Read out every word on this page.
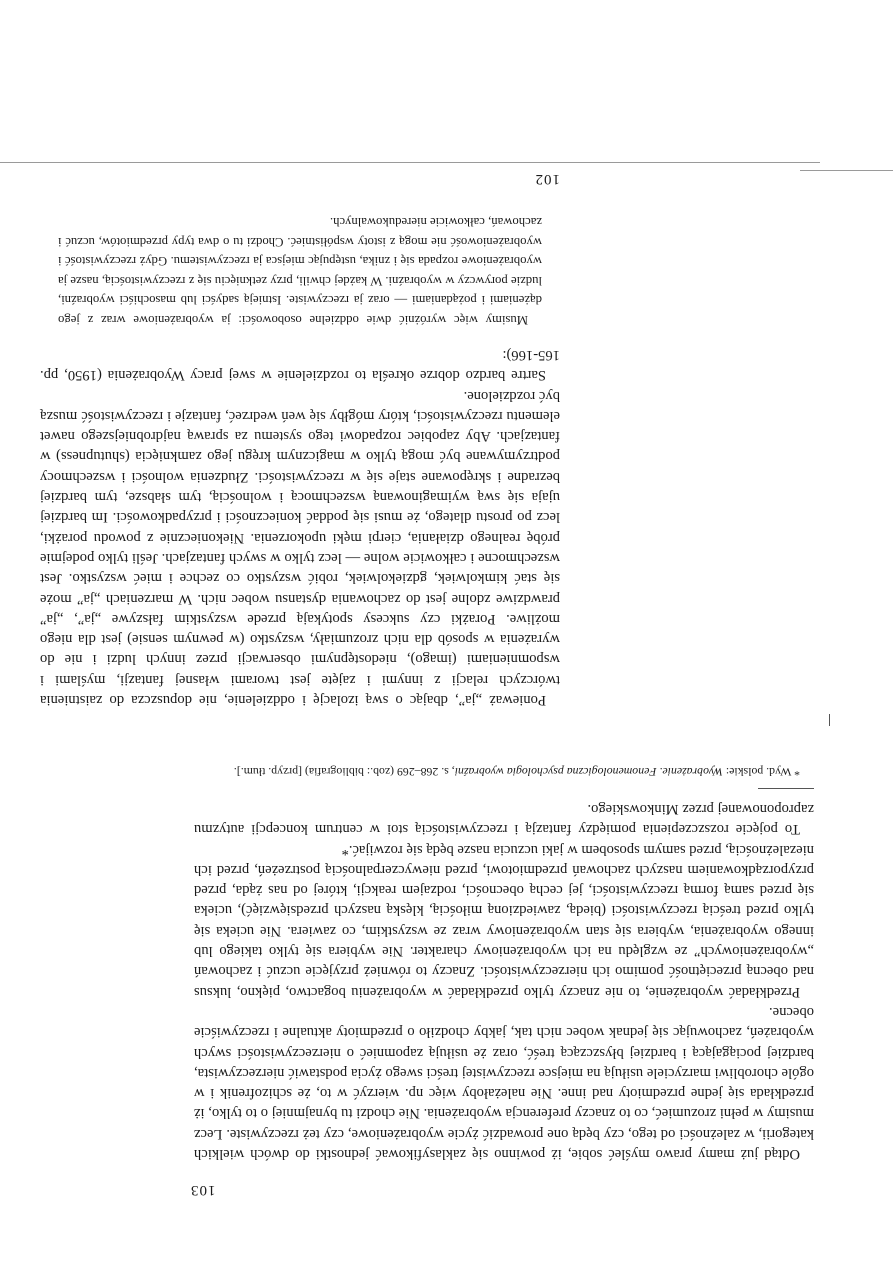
Ponieważ „ja”, dbając o swą izolację i oddzielenie, nie dopuszcza do zaistnienia twórczych relacji z innymi i zajęte jest tworami własnej fantazji, myślami i wspomnieniami (imago), niedostępnymi obserwacji przez innych ludzi i nie do wyrażenia w sposób dla nich zrozumiały, wszystko (w pewnym sensie) jest dla niego możliwe. Porażki czy sukcesy spotykają przede wszystkim fałszywe „ja”, „ja” prawdziwe zdolne jest do zachowania dystansu wobec nich. W marzeniach „ja” może się stać kimkolwiek, gdziekolwiek, robić wszystko co zechce i mieć wszystko. Jest wszechmocne i całkowicie wolne — lecz tylko w swych fantazjach. Jeśli tylko podejmie próbę realnego działania, cierpi męki upokorzenia. Niekoniecznie z powodu porażki, lecz po prostu dlatego, że musi się poddać konieczności i przypadkowości. Im bardziej ujaja się swą wyimaginowaną wszechmocą i wolnością, tym słabsze, tym bardziej bezradne i skrępowane staje się w rzeczywistości. Złudzenia wolności i wszechmocy podtrzymywane być mogą tylko w magicznym kręgu jego zamknięcia (shutupness) w fantazjach. Aby zapobiec rozpadowi tego systemu za sprawą najdrobniejszego nawet elementu rzeczywistości, który mógłby się weń wedrzeć, fantazje i rzeczywistość muszą być rozdzielone.

Sartre bardzo dobrze określa to rozdzielenie w swej pracy Wyobrażenia (1950, pp. 165-166):

Musimy więc wyróżnić dwie oddzielne osobowości: ja wyobrażeniowe wraz z jego dążeniami i pożądaniami — oraz ja rzeczywiste. Istnieją sadyści lub masochiści wyobraźni, ludzie porywczy w wyobraźni. W każdej chwili, przy zetknięciu się z rzeczywistością, nasze ja wyobrażeniowe rozpada się i znika, ustępując miejsca ja rzeczywistemu. Gdyż rzeczywistość i wyobrażeniowość nie mogą z istoty współistnieć. Chodzi tu o dwa typy przedmiotów, uczuć i zachowań, całkowicie nieredukowalnych.

102
103

Odtąd już mamy prawo myśleć sobie, iż powinno się zaklasyfikować jednostki do dwóch wielkich kategorii, w zależności od tego, czy będą one prowadzić życie wyobrażeniowe, czy też rzeczywiste. Lecz musimy w pełni zrozumieć, co to znaczy preferencja wyobrażenia. Nie chodzi tu bynajmniej o to tylko, iż przedkłada się jedne przedmioty nad inne. Nie należałoby więc np. wierzyć w to, że schizofrenik i w ogóle chorobliwi marzyciele usiłują na miejsce rzeczywistej treści swego życia podstawić nierzeczywista, bardziej pociągającą i bardziej błyszczącą treść, oraz że usiłują zapomnieć o nierzeczywistości swych wyobrażeń, zachowując się jednak wobec nich tak, jakby chodziło o przedmioty aktualne i rzeczywiście obecne.

Przedkładać wyobrażenie, to nie znaczy tylko przedkładać w wyobrażeniu bogactwo, piękno, luksus nad obecną przeciętność pomimo ich nierzeczywistości. Znaczy to również przyjęcie uczuć i zachowań „wyobrażeniowych” ze względu na ich wyobrażeniowy charakter. Nie wybiera się tylko takiego lub innego wyobrażenia, wybiera się stan wyobrażeniowy wraz ze wszystkim, co zawiera. Nie ucieka się tylko przed treścią rzeczywistości (biedą, zawiedzioną miłością, klęską naszych przedsięwzięć), ucieka się przed samą formą rzeczywistości, jej cechą obecności, rodzajem reakcji, której od nas żąda, przed przyporządkowaniem naszych zachowań przedmiotowi, przed niewyczerpalnością postrzeżeń, przed ich niezależnością, przed samym sposobem w jaki uczucia nasze będą się rozwijać.*

To pojęcie rozszczepienia pomiędzy fantazją i rzeczywistością stoi w centrum koncepcji autyzmu zaproponowanej przez Minkowskiego.

* Wyd. polskie: Wyobrażenie. Fenomenologiczna psychologia wyobraźni, s. 268–269 (zob.: bibliografia) [przyp. tłum.].
